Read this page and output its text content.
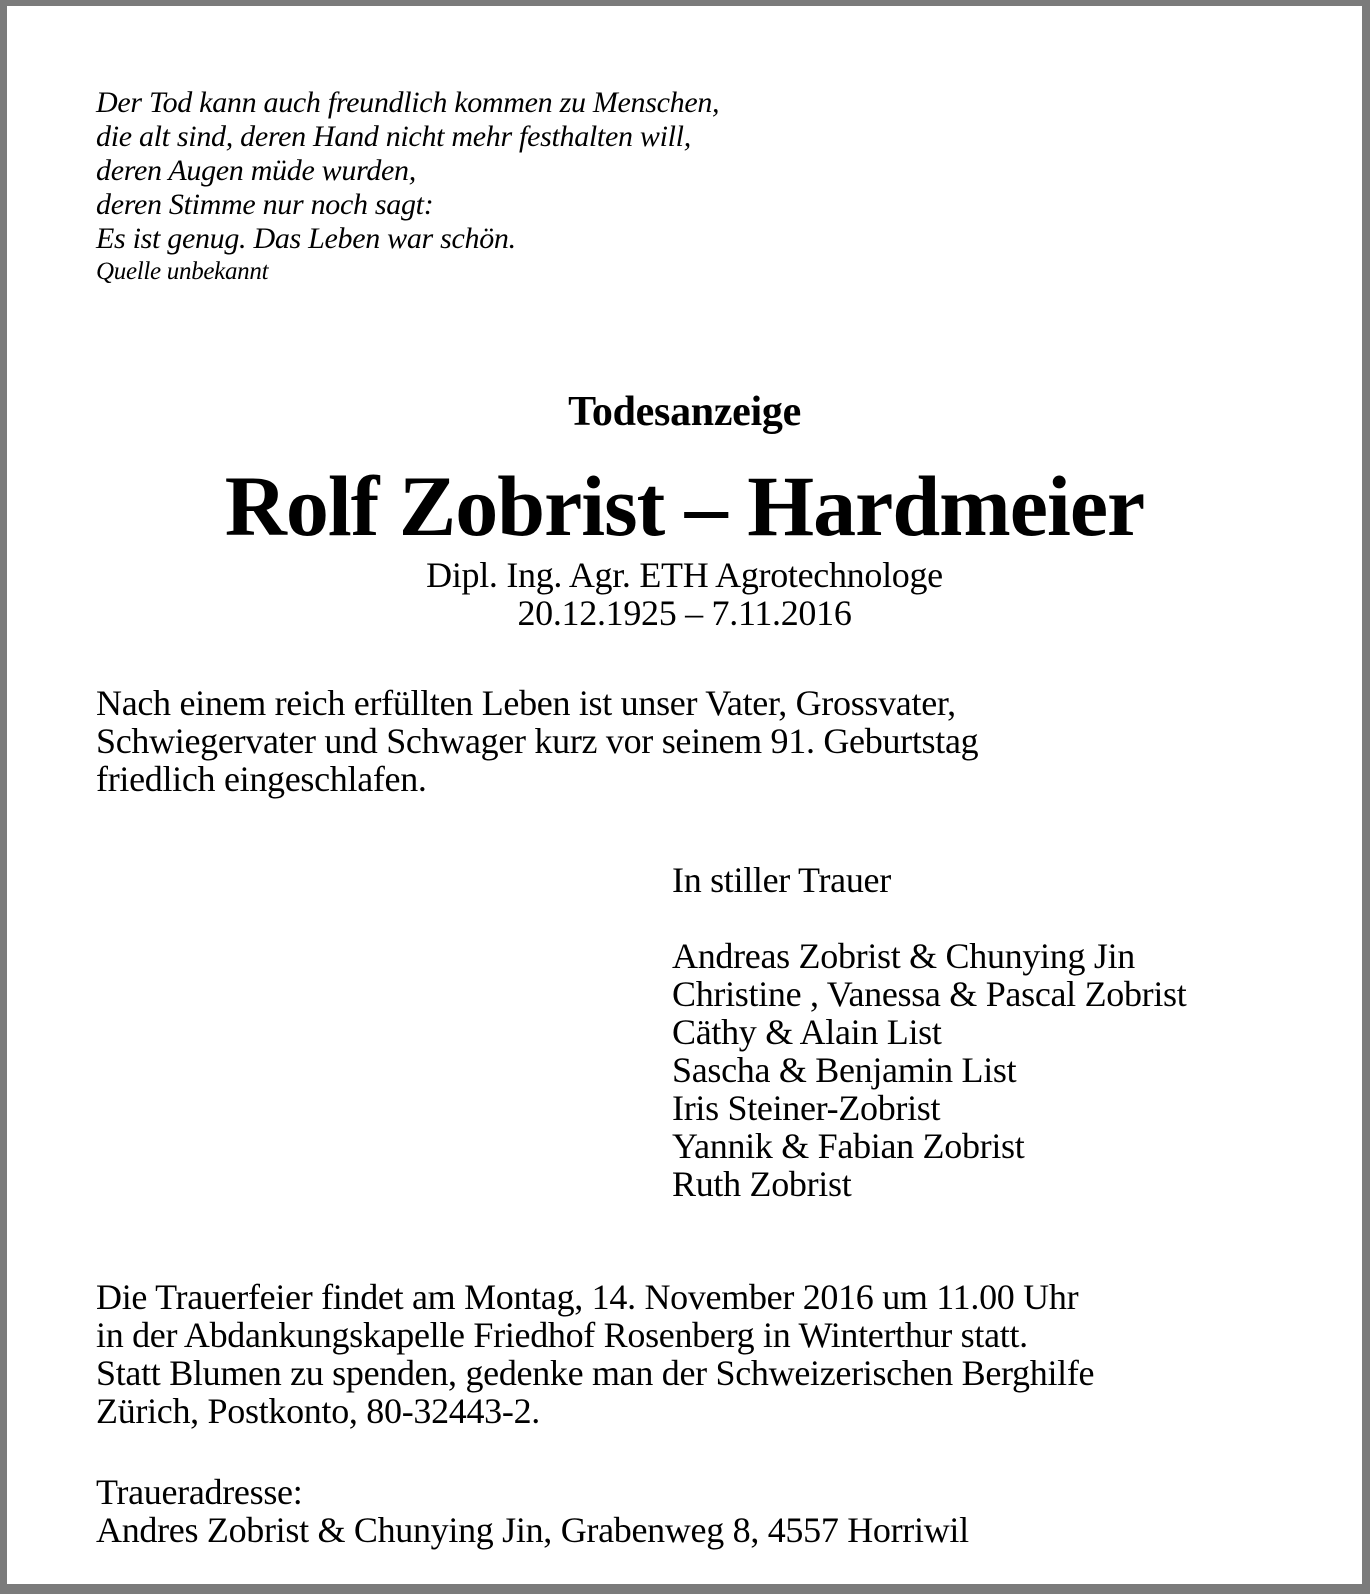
Der Tod kann auch freundlich kommen zu Menschen,
die alt sind, deren Hand nicht mehr festhalten will,
deren Augen müde wurden,
deren Stimme nur noch sagt:
Es ist genug. Das Leben war schön.
Quelle unbekannt
Todesanzeige
Rolf Zobrist – Hardmeier
Dipl. Ing. Agr. ETH Agrotechnologe
20.12.1925 – 7.11.2016
Nach einem reich erfüllten Leben ist unser Vater, Grossvater,
Schwiegervater und Schwager kurz vor seinem 91. Geburtstag
friedlich eingeschlafen.
In stiller Trauer
Andreas Zobrist & Chunying Jin
Christine , Vanessa & Pascal Zobrist
Cäthy & Alain List
Sascha & Benjamin List
Iris Steiner-Zobrist
Yannik & Fabian Zobrist
Ruth Zobrist
Die Trauerfeier findet am Montag, 14. November 2016 um 11.00 Uhr
in der Abdankungskapelle Friedhof Rosenberg in Winterthur statt.
Statt Blumen zu spenden, gedenke man der Schweizerischen Berghilfe
Zürich, Postkonto, 80-32443-2.
Traueradresse:
Andres Zobrist & Chunying Jin, Grabenweg 8, 4557 Horriwil
